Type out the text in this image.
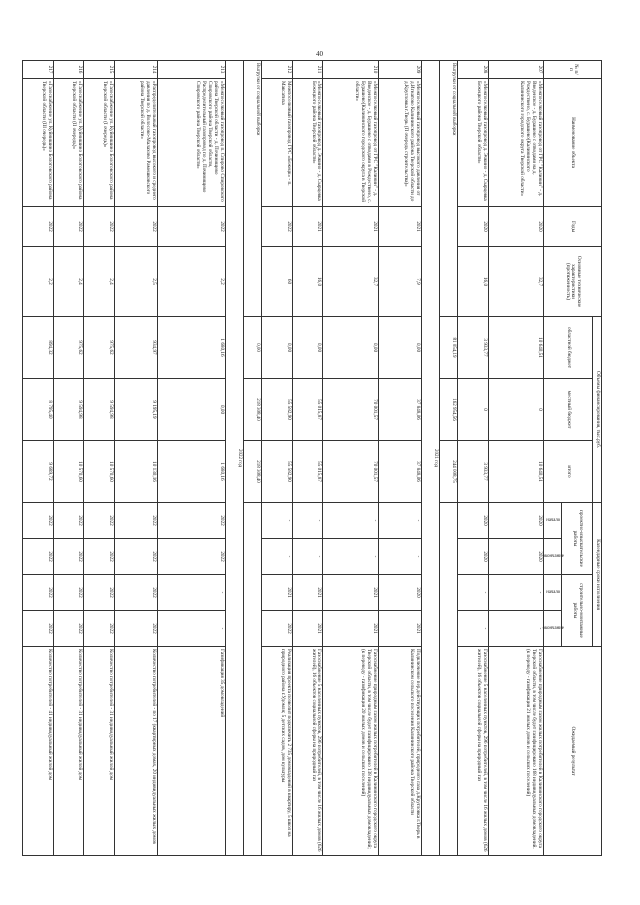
40
№ п/п	Наименование объекта	Годы	Основные технические характеристики (протяженность)	Объемы финансирования, тыс.руб.			Календарные сроки исполнения				Ожидаемый результат
				областной бюджет	местный бюджет	итого	проектно-изыскательские работы		строительно-монтажные работы		
							начало	окончание	начало	окончание	
207	«Межпоселковый газопровод от ГРС "Калинин" - д. Введенское - д. Бурашево с отводами на д. Рождествено, с. Бурашево(Калининского Калининского городского округа Тверской области»	2020	32,7	10 640,51	0	10 640,51	2020	2020	-	-	Газоснабжение природным газом жилых потребителей в Калининского городского округа Тверской области, в том числе будет газифицировано 168 индивидуальных домовладений. (к переводу - газификация 21 жилых домов и сельских поселений)
208	«Межпоселковый газопровод д. Эчкино - д. Сырцевка Бежецкого района Тверской области»	2020	16,0	3 933,77	0	3 933,77	2020	2020	-	-	Газоснабжение 5 населенных пунктов, 296 потребителей, в том числе 16 жилых домов (626 жителей), 16 объектов социальной сферы на природный газ
Выгрузки от социальной выборки				81 054,19	162 954,56	244 008,75					
2021 год											
209	«Межпоселковый газопровод высокого давления от д.Игнатово Калининского района Тверской области до д.Кругловка г.Тверь (П очередь строительства)»	2021	7,9	0,00	37 848,06	37 848,06	-	-	2020	2021	Подключение пер.действующих потребителей, природного газа д.Кругловка г.Тверь в Калининском сельского поселения Калининского района Тверской области
210	«Межпоселковый газопровод от ГРС "Калинин" - д. Введенское - д. Бурашево с отводами в Рождествено, с. Бурашево(Калининского городского округа в Тверской области»	2021	32,7	0,00	70 001,57	70 001,57	-	-	2021	2021	Газоснабжение природным газом жилых потребителей в Калининского городского округа Тверской области, в том числе будет газифицировано 138 индивидуальных домовладений; (к переводу - газификация 20 жилых домов и сельских поселений)
211	«Межпоселковый газопровод д. Эчкино - д. Сырцевка Бежецкого района Тверской области»	2021	16,0	0,00	55 015,87	55 015,87	-	-	2021	2021	Газоснабжение 5 населенных пунктов, 296 потребителей, в том числе 16 жилых домов (626 жителей), 16 объектов социальной сферы на природный газ
212	Межпоселковый газопровод ГРС «Бежецк» - п. Максатиха	2022	60	0,00	55 582,90	55 582,90	-	-	2021	2022	Реализация проекта позволит подключить 2 735 домовладений в квартиру, 5 школ на природного района г.Удомля; 5 детских садов, дом культуры
Выгрузки от социальной выборки				0,00	218 308,40	218 308,40					
2022 год											
213	«Межпоселковый газопровод п. Спирово Спировского района Тверской области - д. Починищево Спировского района Тверской области, Распределительный газопровод по д. Починищево Спировского района Тверской области»	2022	2,2	1 680,16	0,00	1 680,16	2022	2022	-	-	Газификация 35 домовладений
214	«Распределительный газопровод высокого и среднего давления по д. Волосово-Малахово Рамешковского района Тверской области»	2022	2,5	934,97	9 195,19	10 130,16	2022	2022	2022	2022	Количество потребителей - по 17 (квартирных домах, 20 индивидуальных жилых домов
215	«Газоснабжение ул. Куйнишино Бологовского района Тверской области (I очередь)»	2022	2,4	975,62	9 594,98	10 570,60	2022	2022	2022	2022	Количество потребителей - 31 индивидуальный жилой дом
216	«Газоснабжение ул. Куйнишино Бологовского района Тверской области (II очередь)»	2022	2,4	975,62	9 594,98	10 570,60	2022	2022	2022	2022	Количество потребителей - 31 индивидуальный жилой дом
217	«Газоснабжение ул. Куйнишино Бологовского района Тверской области (III очередь)»	2022	2,2	894,32	8 795,40	9 689,72	2022	2022	2022	2022	Количество потребителей - 41 индивидуальный жилой дом
